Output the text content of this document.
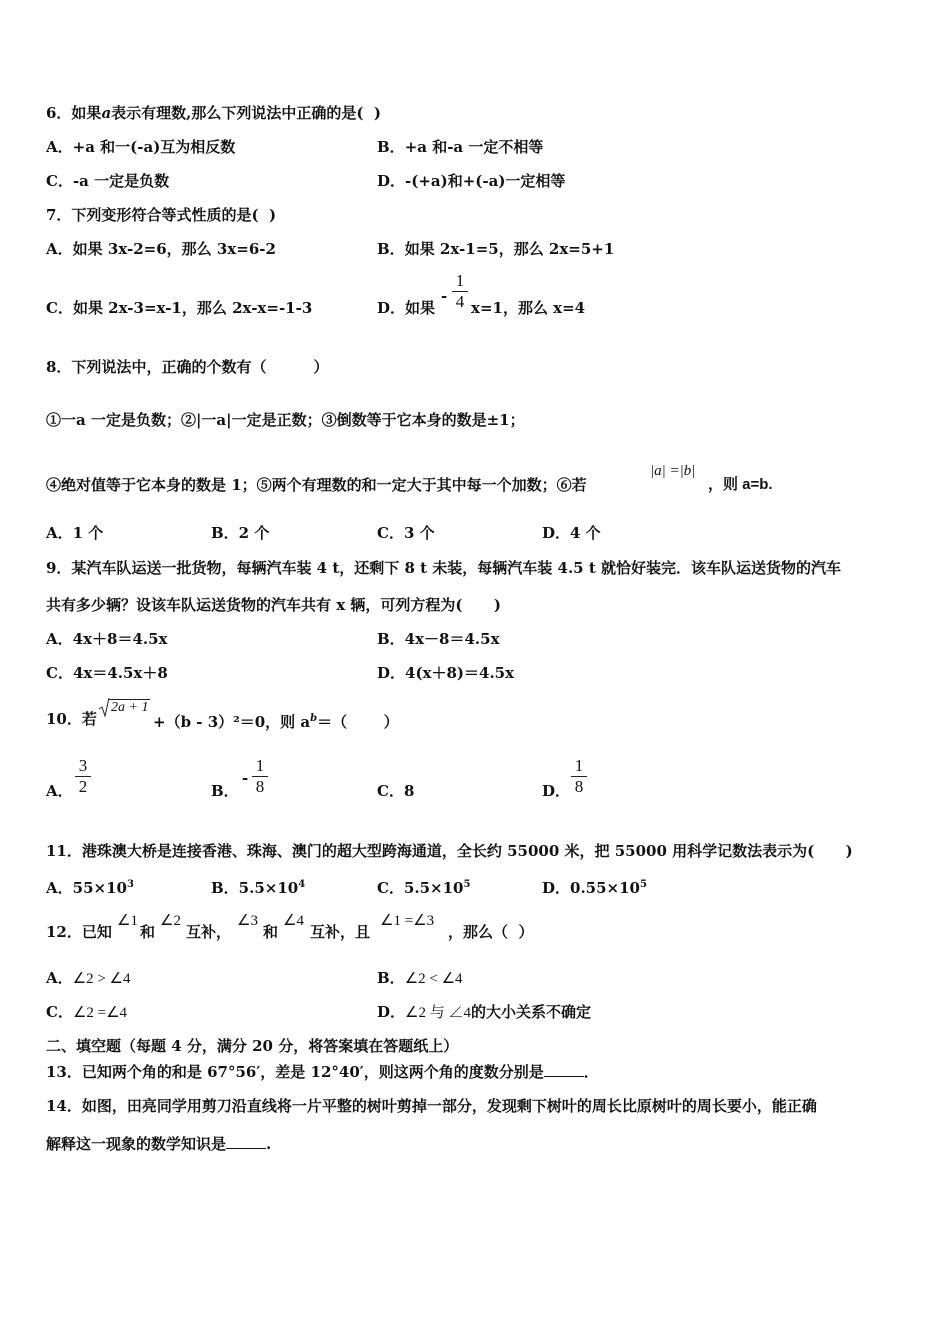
6．如果a表示有理数,那么下列说法中正确的是(  )
A．+a 和一(-a)互为相反数	B．+a 和-a 一定不相等
C．-a 一定是负数	D．-(+a)和+(-a)一定相等
7．下列变形符合等式性质的是(  )
A．如果 3x-2=6，那么 3x=6-2	B．如果 2x-1=5，那么 2x=5+1
C．如果 2x-3=x-1，那么 2x-x=-1-3	D．如果
-
1
4 x=1，那么 x=4
8．下列说法中，正确的个数有（         ）
①一a 一定是负数；②|一a|一定是正数；③倒数等于它本身的数是±1；
④绝对值等于它本身的数是 1；⑤两个有理数的和一定大于其中每一个加数；⑥若
|a| =|b|
，则 a=b.
A．1 个	B．2 个	C．3 个	D．4 个
9．某汽车队运送一批货物，每辆汽车装 4 t，还剩下 8 t 未装，每辆汽车装 4.5 t 就恰好装完．该车队运送货物的汽车
共有多少辆？设该车队运送货物的汽车共有 x 辆，可列方程为(      )
A．4x＋8＝4.5x	B．4x－8＝4.5x
C．4x＝4.5x＋8	D．4(x＋8)＝4.5x
10．若
2a + 1
+（b - 3）²＝0，则 $a^b=$（       ）
A．
3
2	B．
-
1
8	C．8	D．
1
8
11．港珠澳大桥是连接香港、珠海、澳门的超大型跨海通道，全长约 55000 米，把 55000 用科学记数法表示为(      )
A．$55\times 10^3$	B．$5.5\times 10^4$	C．$5.5\times 10^5$	D．$0.55\times 10^5$
12．已知
∠1
和
∠2
互补，
∠3
和
∠4
互补，且
∠1 =∠3
，那么（  ）
A．∠2 > ∠4	B．∠2 < ∠4
C．∠2 =∠4	D．∠2 与 ∠4的大小关系不确定
二、填空题（每题 4 分，满分 20 分，将答案填在答题纸上）
13．已知两个角的和是 67°56′，差是 12°40′，则这两个角的度数分别是	．
14．如图，田亮同学用剪刀沿直线将一片平整的树叶剪掉一部分，发现剩下树叶的周长比原树叶的周长要小，能正确
解释这一现象的数学知识是	.
